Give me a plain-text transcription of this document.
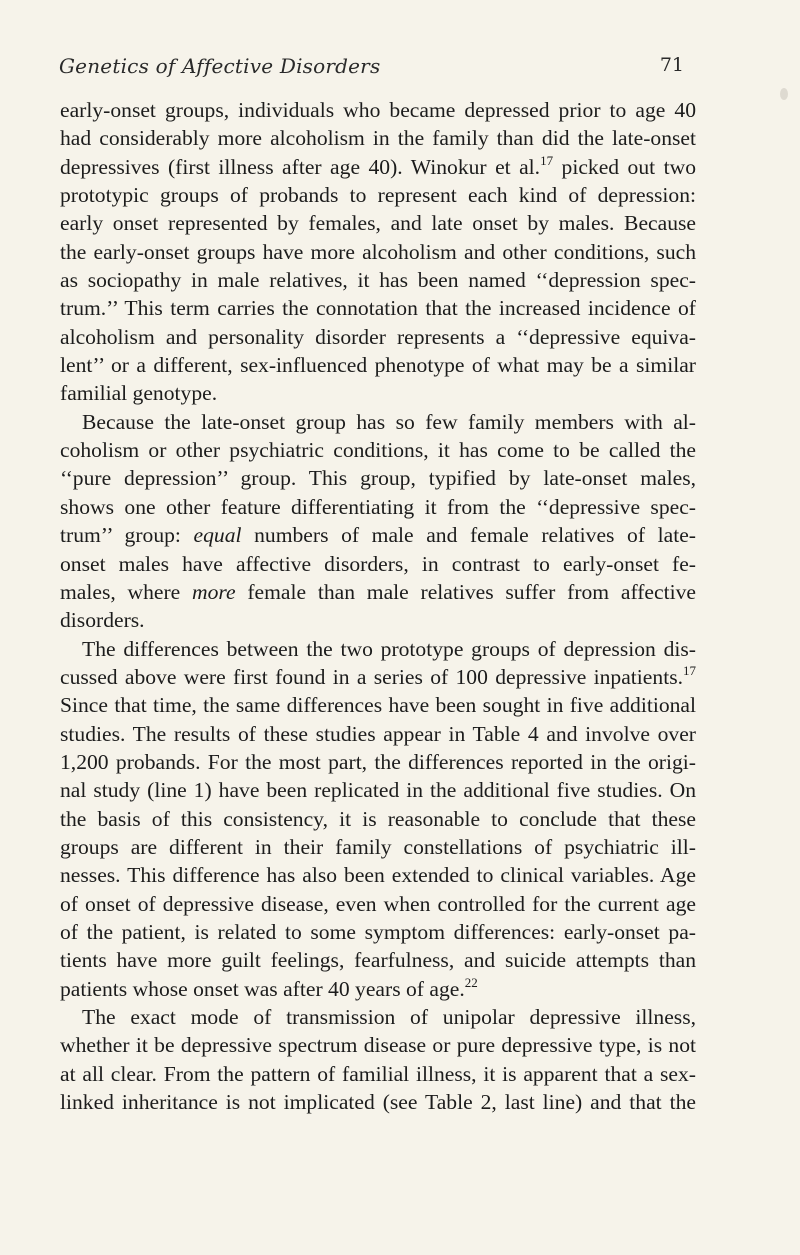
Genetics of Affective Disorders	71

early-onset groups, individuals who became depressed prior to age 40
had considerably more alcoholism in the family than did the late-onset
depressives (first illness after age 40). Winokur et al.$^{17}$ picked out two
prototypic groups of probands to represent each kind of depression:
early onset represented by females, and late onset by males. Because
the early-onset groups have more alcoholism and other conditions, such
as sociopathy in male relatives, it has been named ‘‘depression spec-
trum.’’ This term carries the connotation that the increased incidence of
alcoholism and personality disorder represents a ‘‘depressive equiva-
lent’’ or a different, sex-influenced phenotype of what may be a similar
familial genotype.

Because the late-onset group has so few family members with al-
coholism or other psychiatric conditions, it has come to be called the
‘‘pure depression’’ group. This group, typified by late-onset males,
shows one other feature differentiating it from the ‘‘depressive spec-
trum’’ group: equal numbers of male and female relatives of late-
onset males have affective disorders, in contrast to early-onset fe-
males, where more female than male relatives suffer from affective
disorders.

The differences between the two prototype groups of depression dis-
cussed above were first found in a series of 100 depressive inpatients.$^{17}$
Since that time, the same differences have been sought in five additional
studies. The results of these studies appear in Table 4 and involve over
1,200 probands. For the most part, the differences reported in the origi-
nal study (line 1) have been replicated in the additional five studies. On
the basis of this consistency, it is reasonable to conclude that these
groups are different in their family constellations of psychiatric ill-
nesses. This difference has also been extended to clinical variables. Age
of onset of depressive disease, even when controlled for the current age
of the patient, is related to some symptom differences: early-onset pa-
tients have more guilt feelings, fearfulness, and suicide attempts than
patients whose onset was after 40 years of age.$^{22}$

The exact mode of transmission of unipolar depressive illness,
whether it be depressive spectrum disease or pure depressive type, is not
at all clear. From the pattern of familial illness, it is apparent that a sex-
linked inheritance is not implicated (see Table 2, last line) and that the
